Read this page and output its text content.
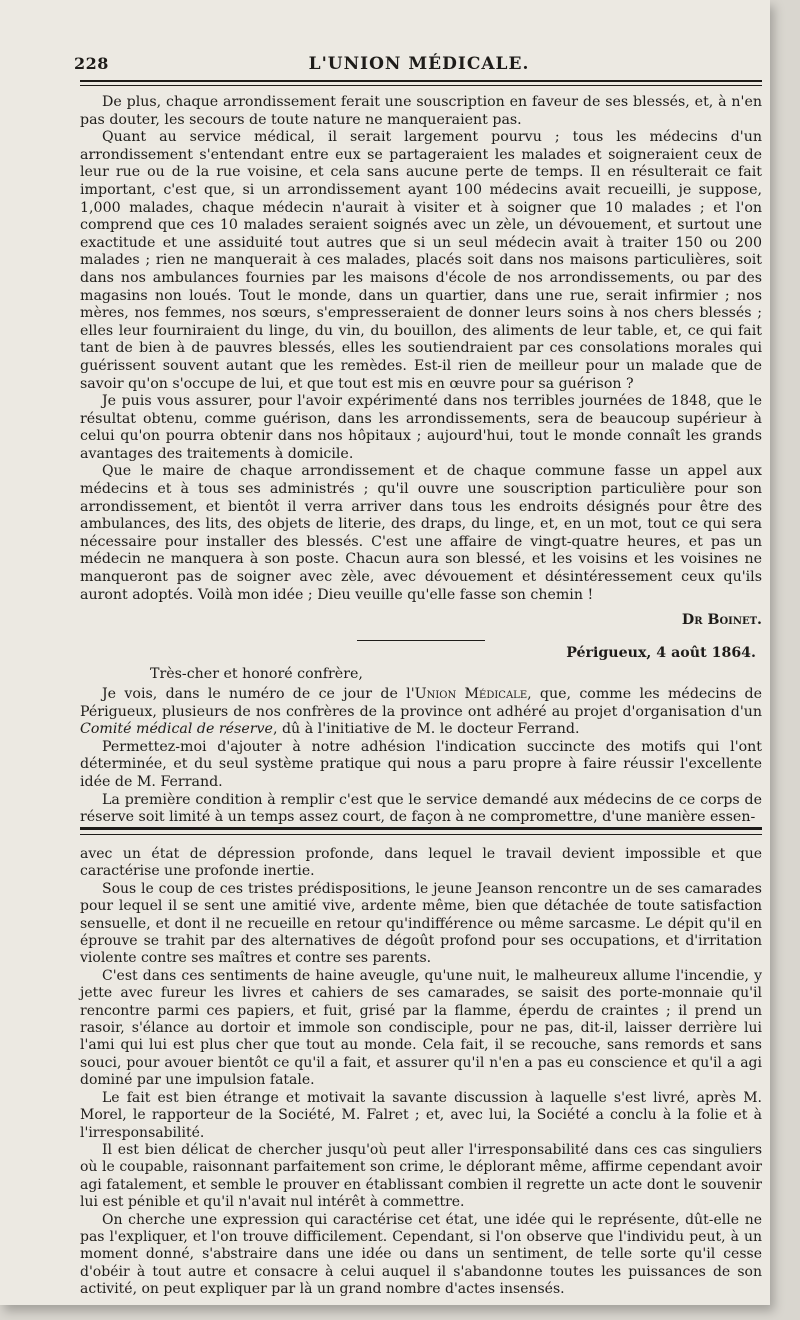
228	L'UNION MÉDICALE.

De plus, chaque arrondissement ferait une souscription en faveur de ses blessés, et, à n'en pas douter, les secours de toute nature ne manqueraient pas.

Quant au service médical, il serait largement pourvu ; tous les médecins d'un arrondissement s'entendant entre eux se partageraient les malades et soigneraient ceux de leur rue ou de la rue voisine, et cela sans aucune perte de temps. Il en résulterait ce fait important, c'est que, si un arrondissement ayant 100 médecins avait recueilli, je suppose, 1,000 malades, chaque médecin n'aurait à visiter et à soigner que 10 malades ; et l'on comprend que ces 10 malades seraient soignés avec un zèle, un dévouement, et surtout une exactitude et une assiduité tout autres que si un seul médecin avait à traiter 150 ou 200 malades ; rien ne manquerait à ces malades, placés soit dans nos maisons particulières, soit dans nos ambulances fournies par les maisons d'école de nos arrondissements, ou par des magasins non loués. Tout le monde, dans un quartier, dans une rue, serait infirmier ; nos mères, nos femmes, nos sœurs, s'empresseraient de donner leurs soins à nos chers blessés ; elles leur fourniraient du linge, du vin, du bouillon, des aliments de leur table, et, ce qui fait tant de bien à de pauvres blessés, elles les soutiendraient par ces consolations morales qui guérissent souvent autant que les remèdes. Est-il rien de meilleur pour un malade que de savoir qu'on s'occupe de lui, et que tout est mis en œuvre pour sa guérison ?

Je puis vous assurer, pour l'avoir expérimenté dans nos terribles journées de 1848, que le résultat obtenu, comme guérison, dans les arrondissements, sera de beaucoup supérieur à celui qu'on pourra obtenir dans nos hôpitaux ; aujourd'hui, tout le monde connaît les grands avantages des traitements à domicile.

Que le maire de chaque arrondissement et de chaque commune fasse un appel aux médecins et à tous ses administrés ; qu'il ouvre une souscription particulière pour son arrondissement, et bientôt il verra arriver dans tous les endroits désignés pour être des ambulances, des lits, des objets de literie, des draps, du linge, et, en un mot, tout ce qui sera nécessaire pour installer des blessés. C'est une affaire de vingt-quatre heures, et pas un médecin ne manquera à son poste. Chacun aura son blessé, et les voisins et les voisines ne manqueront pas de soigner avec zèle, avec dévouement et désintéressement ceux qu'ils auront adoptés. Voilà mon idée ; Dieu veuille qu'elle fasse son chemin !

Dr Boinet.

Périgueux, 4 août 1864.

Très-cher et honoré confrère,

Je vois, dans le numéro de ce jour de l'Union Médicale, que, comme les médecins de Périgueux, plusieurs de nos confrères de la province ont adhéré au projet d'organisation d'un Comité médical de réserve, dû à l'initiative de M. le docteur Ferrand.

Permettez-moi d'ajouter à notre adhésion l'indication succincte des motifs qui l'ont déterminée, et du seul système pratique qui nous a paru propre à faire réussir l'excellente idée de M. Ferrand.

La première condition à remplir c'est que le service demandé aux médecins de ce corps de réserve soit limité à un temps assez court, de façon à ne compromettre, d'une manière essen-

avec un état de dépression profonde, dans lequel le travail devient impossible et que caractérise une profonde inertie.

Sous le coup de ces tristes prédispositions, le jeune Jeanson rencontre un de ses camarades pour lequel il se sent une amitié vive, ardente même, bien que détachée de toute satisfaction sensuelle, et dont il ne recueille en retour qu'indifférence ou même sarcasme. Le dépit qu'il en éprouve se trahit par des alternatives de dégoût profond pour ses occupations, et d'irritation violente contre ses maîtres et contre ses parents.

C'est dans ces sentiments de haine aveugle, qu'une nuit, le malheureux allume l'incendie, y jette avec fureur les livres et cahiers de ses camarades, se saisit des porte-monnaie qu'il rencontre parmi ces papiers, et fuit, grisé par la flamme, éperdu de craintes ; il prend un rasoir, s'élance au dortoir et immole son condisciple, pour ne pas, dit-il, laisser derrière lui l'ami qui lui est plus cher que tout au monde. Cela fait, il se recouche, sans remords et sans souci, pour avouer bientôt ce qu'il a fait, et assurer qu'il n'en a pas eu conscience et qu'il a agi dominé par une impulsion fatale.

Le fait est bien étrange et motivait la savante discussion à laquelle s'est livré, après M. Morel, le rapporteur de la Société, M. Falret ; et, avec lui, la Société a conclu à la folie et à l'irresponsabilité.

Il est bien délicat de chercher jusqu'où peut aller l'irresponsabilité dans ces cas singuliers où le coupable, raisonnant parfaitement son crime, le déplorant même, affirme cependant avoir agi fatalement, et semble le prouver en établissant combien il regrette un acte dont le souvenir lui est pénible et qu'il n'avait nul intérêt à commettre.

On cherche une expression qui caractérise cet état, une idée qui le représente, dût-elle ne pas l'expliquer, et l'on trouve difficilement. Cependant, si l'on observe que l'individu peut, à un moment donné, s'abstraire dans une idée ou dans un sentiment, de telle sorte qu'il cesse d'obéir à tout autre et consacre à celui auquel il s'abandonne toutes les puissances de son activité, on peut expliquer par là un grand nombre d'actes insensés.
